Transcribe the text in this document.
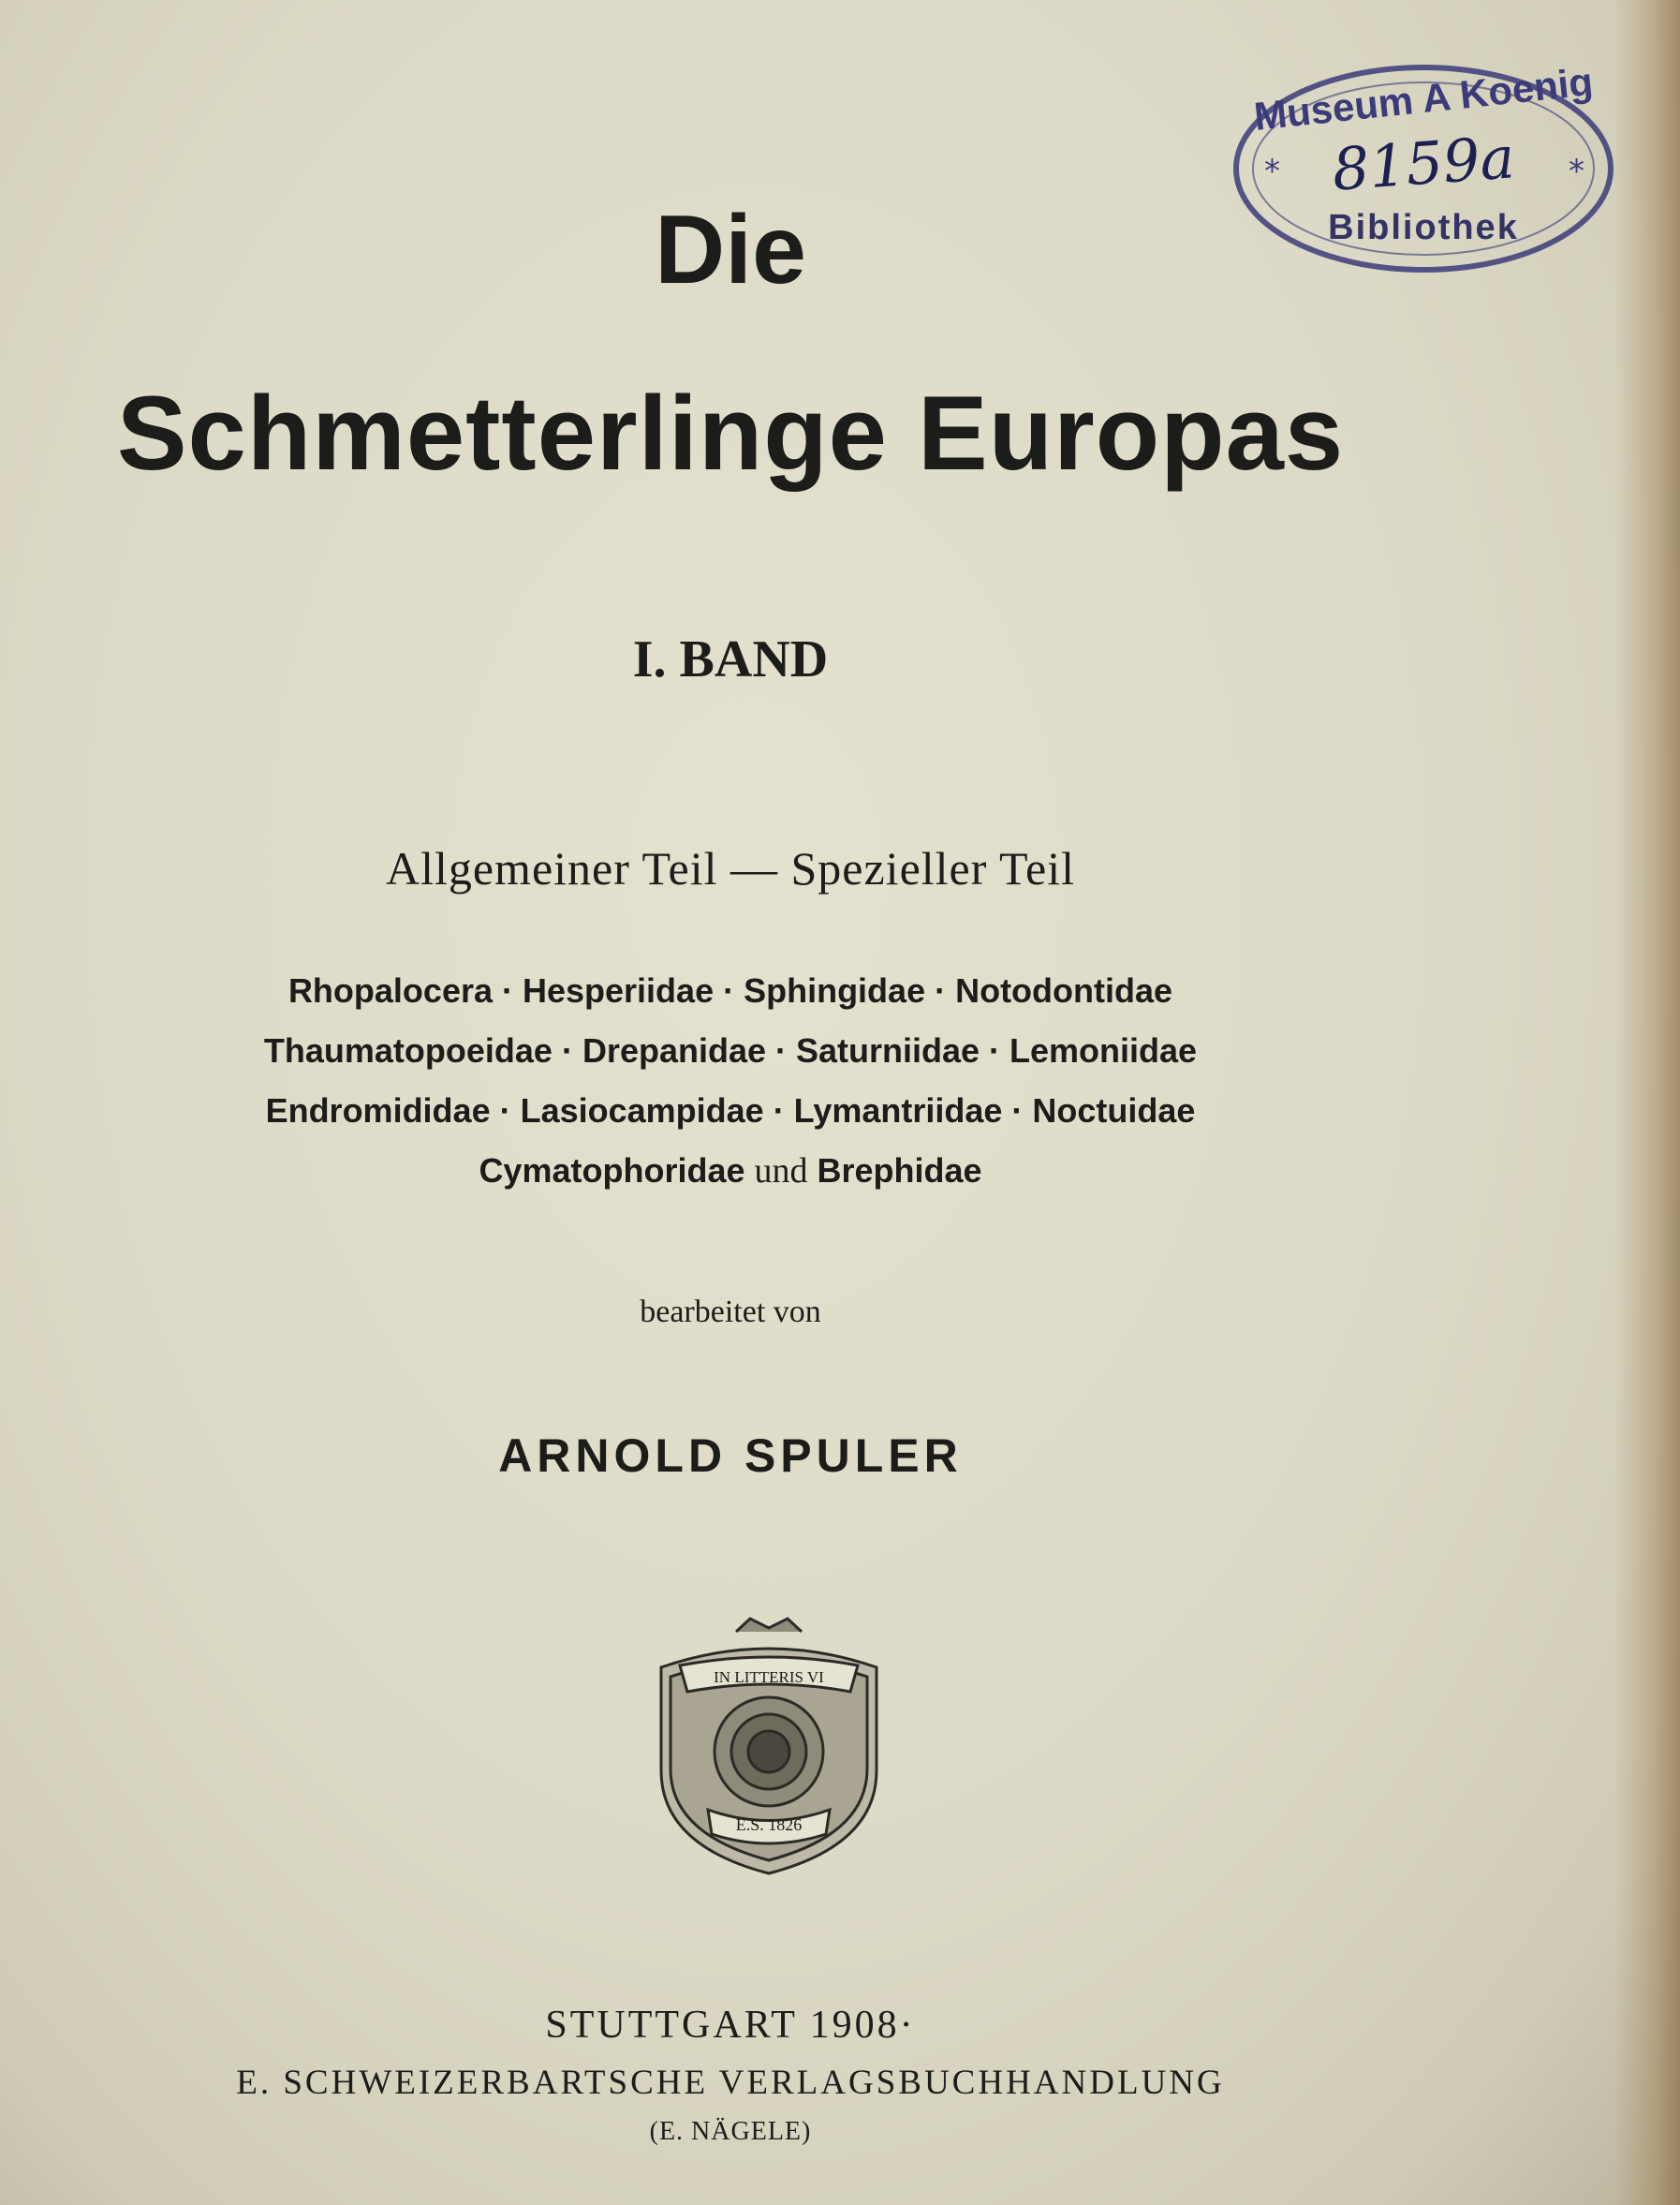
Die
Schmetterlinge Europas
I. BAND
Allgemeiner Teil — Spezieller Teil
Rhopalocera · Hesperiidae · Sphingidae · Notodontidae
Thaumatopoeidae · Drepanidae · Saturniidae · Lemoniidae
Endromididae · Lasiocampidae · Lymantriidae · Noctuidae
Cymatophoridae und Brephidae
bearbeitet von
ARNOLD SPULER
IN LITTERIS VI
E.S. 1826
STUTTGART 1908·
E. SCHWEIZERBARTSCHE VERLAGSBUCHHANDLUNG
(E. NÄGELE)
*	*
Museum A Koenig
8159a
Bibliothek
